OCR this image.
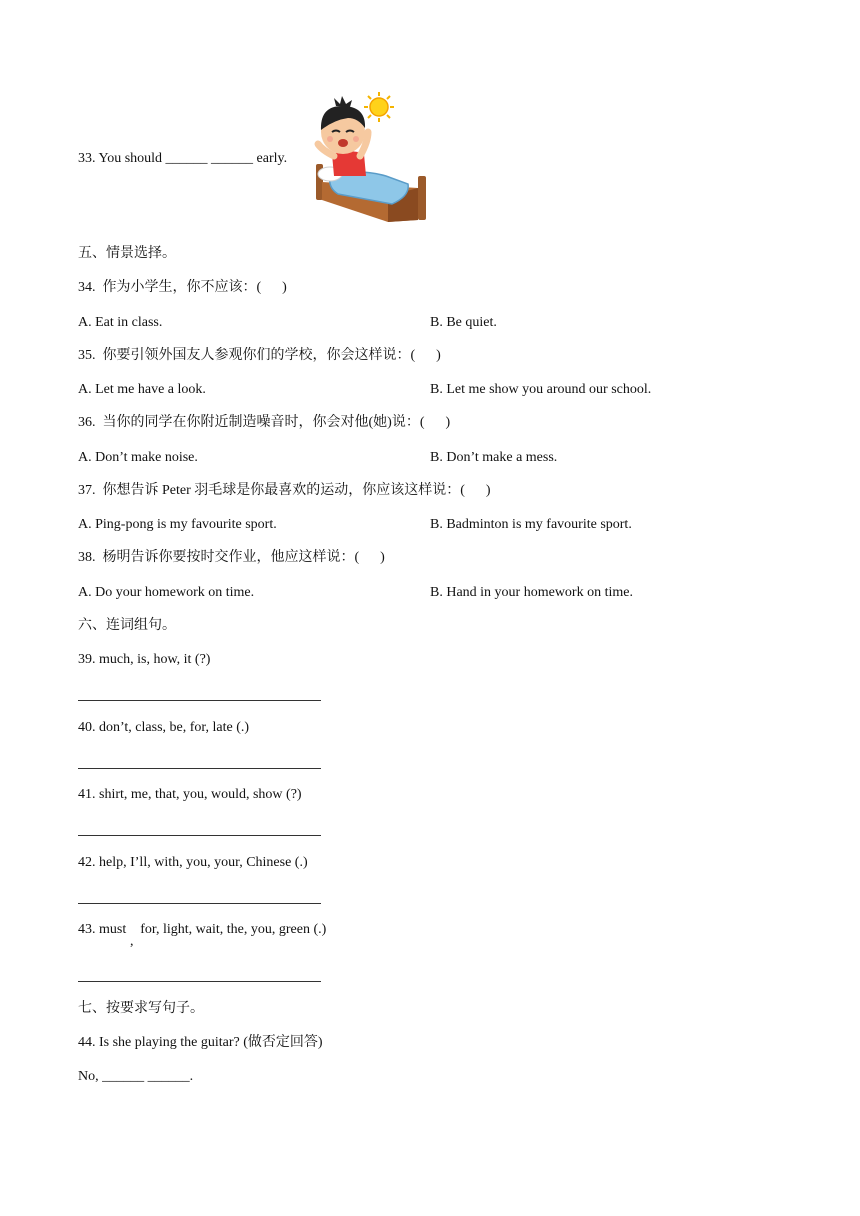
33. You should ______ ______ early.
五、情景选择。
34.  作为小学生，你不应该：(      )
A. Eat in class.	B. Be quiet.
35.  你要引领外国友人参观你们的学校，你会这样说：(      )
A. Let me have a look.	B. Let me show you around our school.
36.  当你的同学在你附近制造噪音时，你会对他(她)说：(      )
A. Don’t make noise.	B. Don’t make a mess.
37.  你想告诉 Peter 羽毛球是你最喜欢的运动，你应该这样说：(      )
A. Ping-pong is my favourite sport.	B. Badminton is my favourite sport.
38.  杨明告诉你要按时交作业，他应这样说：(      )
A. Do your homework on time.	B. Hand in your homework on time.
六、连词组句。
39. much, is, how, it (?)
40. don’t, class, be, for, late (.)
41. shirt, me, that, you, would, show (?)
42. help, I’ll, with, you, your, Chinese (.)
43. must    for, light, wait, the, you, green (.)
,
七、按要求写句子。
44. Is she playing the guitar? (做否定回答)
No, ______ ______.
